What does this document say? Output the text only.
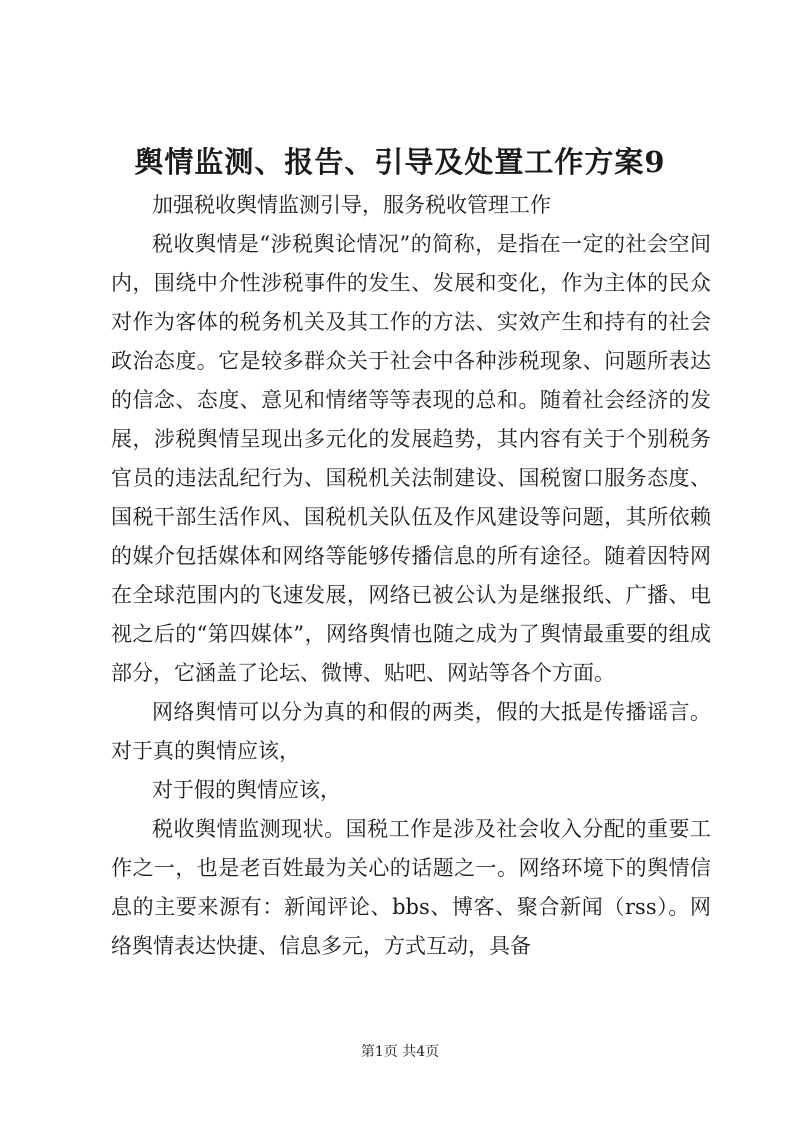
舆情监测、报告、引导及处置工作方案9

加强税收舆情监测引导，服务税收管理工作

税收舆情是“涉税舆论情况”的简称，是指在一定的社会空间内，围绕中介性涉税事件的发生、发展和变化，作为主体的民众对作为客体的税务机关及其工作的方法、实效产生和持有的社会政治态度。它是较多群众关于社会中各种涉税现象、问题所表达的信念、态度、意见和情绪等等表现的总和。随着社会经济的发展，涉税舆情呈现出多元化的发展趋势，其内容有关于个别税务官员的违法乱纪行为、国税机关法制建设、国税窗口服务态度、国税干部生活作风、国税机关队伍及作风建设等问题，其所依赖的媒介包括媒体和网络等能够传播信息的所有途径。随着因特网在全球范围内的飞速发展，网络已被公认为是继报纸、广播、电视之后的“第四媒体”，网络舆情也随之成为了舆情最重要的组成部分，它涵盖了论坛、微博、贴吧、网站等各个方面。

网络舆情可以分为真的和假的两类，假的大抵是传播谣言。对于真的舆情应该，

对于假的舆情应该，

税收舆情监测现状。国税工作是涉及社会收入分配的重要工作之一，也是老百姓最为关心的话题之一。网络环境下的舆情信息的主要来源有：新闻评论、bbs、博客、聚合新闻（rss）。网络舆情表达快捷、信息多元，方式互动，具备

第1页 共4页
